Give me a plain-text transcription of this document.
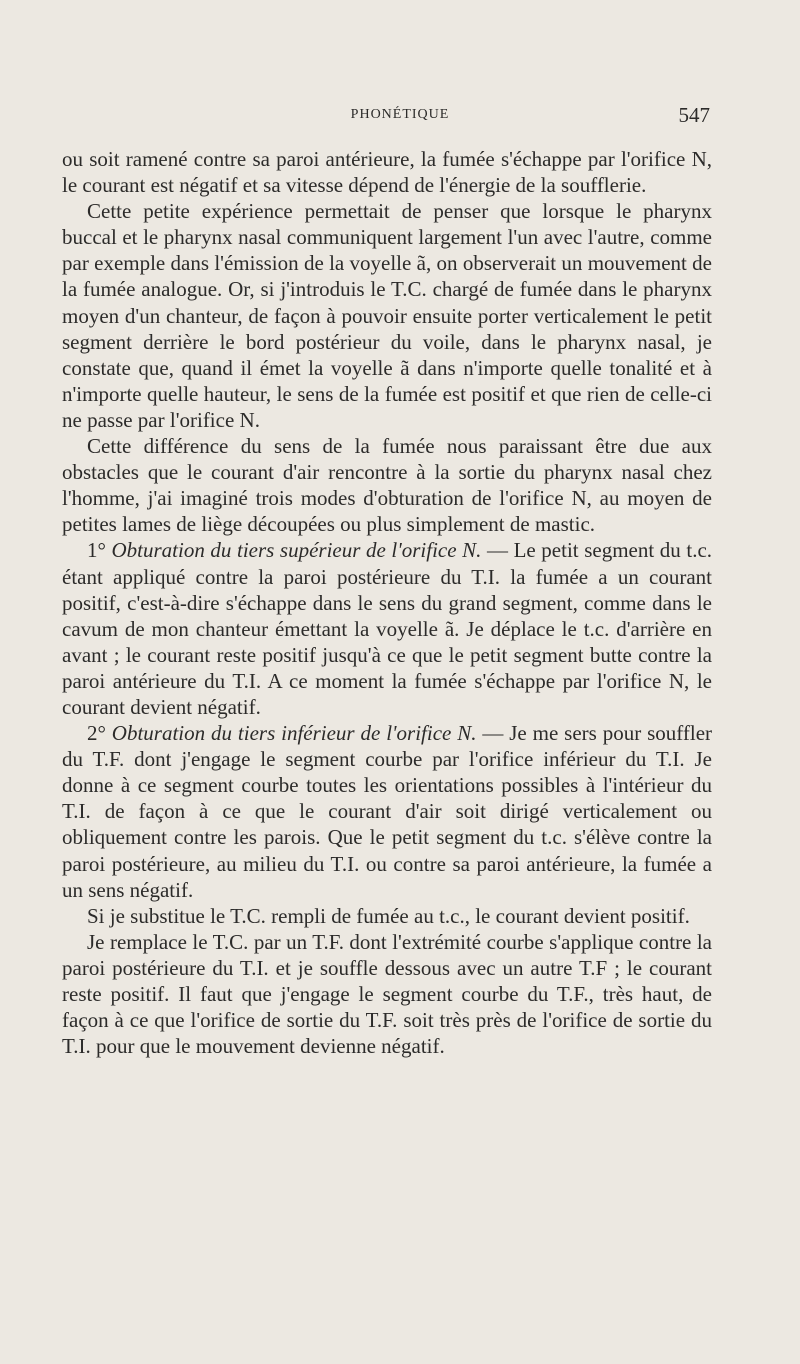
PHONÉTIQUE	547

ou soit ramené contre sa paroi antérieure, la fumée s'échappe par l'orifice N, le courant est négatif et sa vitesse dépend de l'énergie de la soufflerie.

Cette petite expérience permettait de penser que lorsque le pharynx buccal et le pharynx nasal communiquent largement l'un avec l'autre, comme par exemple dans l'émission de la voyelle ã, on observerait un mouvement de la fumée analogue. Or, si j'introduis le T.C. chargé de fumée dans le pharynx moyen d'un chanteur, de façon à pouvoir ensuite porter verticalement le petit segment derrière le bord postérieur du voile, dans le pharynx nasal, je constate que, quand il émet la voyelle ã dans n'importe quelle tonalité et à n'importe quelle hauteur, le sens de la fumée est positif et que rien de celle-ci ne passe par l'orifice N.

Cette différence du sens de la fumée nous paraissant être due aux obstacles que le courant d'air rencontre à la sortie du pharynx nasal chez l'homme, j'ai imaginé trois modes d'obturation de l'orifice N, au moyen de petites lames de liège découpées ou plus simplement de mastic.

1° Obturation du tiers supérieur de l'orifice N. — Le petit segment du t.c. étant appliqué contre la paroi postérieure du T.I. la fumée a un courant positif, c'est-à-dire s'échappe dans le sens du grand segment, comme dans le cavum de mon chanteur émettant la voyelle ã. Je déplace le t.c. d'arrière en avant ; le courant reste positif jusqu'à ce que le petit segment butte contre la paroi antérieure du T.I. A ce moment la fumée s'échappe par l'orifice N, le courant devient négatif.

2° Obturation du tiers inférieur de l'orifice N. — Je me sers pour souffler du T.F. dont j'engage le segment courbe par l'orifice inférieur du T.I. Je donne à ce segment courbe toutes les orientations possibles à l'intérieur du T.I. de façon à ce que le courant d'air soit dirigé verticalement ou obliquement contre les parois. Que le petit segment du t.c. s'élève contre la paroi postérieure, au milieu du T.I. ou contre sa paroi antérieure, la fumée a un sens négatif.

Si je substitue le T.C. rempli de fumée au t.c., le courant devient positif.

Je remplace le T.C. par un T.F. dont l'extrémité courbe s'applique contre la paroi postérieure du T.I. et je souffle dessous avec un autre T.F ; le courant reste positif. Il faut que j'engage le segment courbe du T.F., très haut, de façon à ce que l'orifice de sortie du T.F. soit très près de l'orifice de sortie du T.I. pour que le mouvement devienne négatif.
